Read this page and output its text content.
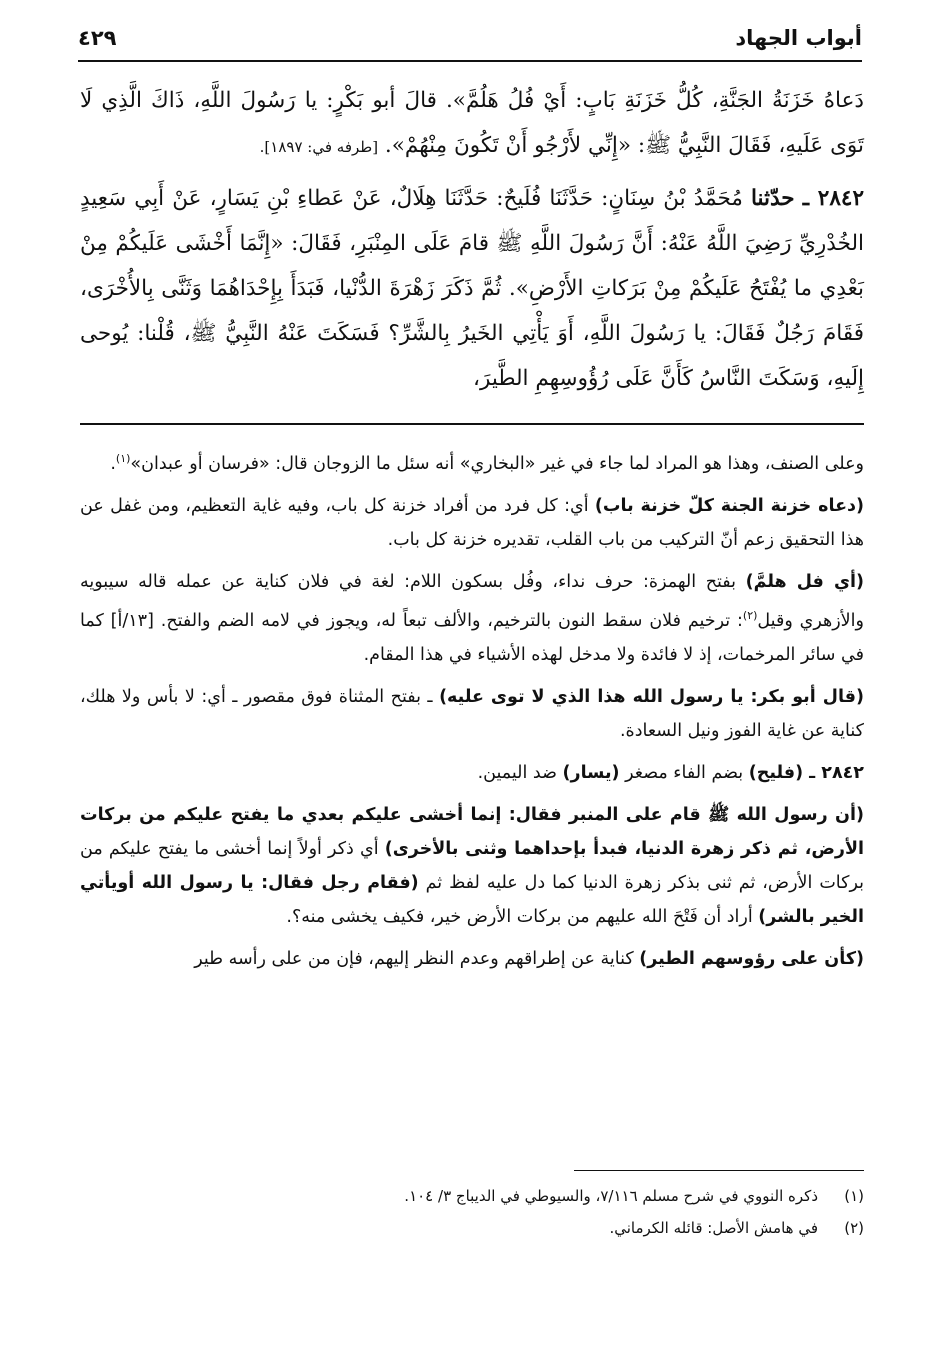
أبواب الجهاد
٤٢٩

دَعاهُ خَزَنَةُ الجَنَّةِ، كُلُّ خَزَنَةِ بَابٍ: أَيْ فُلُ هَلُمَّ». قالَ أبو بَكْرٍ: يا رَسُولَ اللَّهِ، ذَاكَ الَّذِي لَا تَوَى عَلَيهِ، فَقَالَ النَّبِيُّ ﷺ: «إِنِّي لأَرْجُو أَنْ تَكُونَ مِنْهُمْ». [طرفه في: ١٨٩٧].

٢٨٤٢ ـ حدّثنا مُحَمَّدُ بْنُ سِنَانٍ: حَدَّثَنَا فُلَيحٌ: حَدَّثَنَا هِلَالٌ، عَنْ عَطاءِ بْنِ يَسَارٍ، عَنْ أَبِي سَعِيدٍ الخُدْرِيِّ رَضِيَ اللَّهُ عَنْهُ: أَنَّ رَسُولَ اللَّهِ ﷺ قامَ عَلَى المِنْبَرِ، فَقَالَ: «إِنَّمَا أَخْشَى عَلَيكُمْ مِنْ بَعْدِي ما يُفْتَحُ عَلَيكُمْ مِنْ بَرَكاتِ الأَرْضِ». ثُمَّ ذَكَرَ زَهْرَةَ الدُّنْيا، فَبَدَأَ بِإِحْدَاهُمَا وَثَنَّى بِالأُخْرَى، فَقَامَ رَجُلٌ فَقَالَ: يا رَسُولَ اللَّهِ، أَوَ يَأْتِي الخَيرُ بِالشَّرِّ؟ فَسَكَتَ عَنْهُ النَّبِيُّ ﷺ، قُلْنا: يُوحى إِلَيهِ، وَسَكَتَ النَّاسُ كَأَنَّ عَلَى رُؤُوسِهِمِ الطَّيرَ،

وعلى الصنف، وهذا هو المراد لما جاء في غير «البخاري» أنه سئل ما الزوجان قال: «فرسان أو عبدان»$^{(١)}$.

(دعاه خزنة الجنة كلّ خزنة باب) أي: كل فرد من أفراد خزنة كل باب، وفيه غاية التعظيم، ومن غفل عن هذا التحقيق زعم أنّ التركيب من باب القلب، تقديره خزنة كل باب.

(أي فل هلمَّ) بفتح الهمزة: حرف نداء، وفُل بسكون اللام: لغة في فلان كناية عن عمله قاله سيبويه والأزهري وقيل$^{(٢)}$: ترخيم فلان سقط النون بالترخيم، والألف تبعاً له، ويجوز في لامه الضم والفتح. [١٣/أ] كما في سائر المرخمات، إذ لا فائدة ولا مدخل لهذه الأشياء في هذا المقام.

(قال أبو بكر: يا رسول الله هذا الذي لا توى عليه) ـ بفتح المثناة فوق مقصور ـ أي: لا بأس ولا هلك، كناية عن غاية الفوز ونيل السعادة.

٢٨٤٢ ـ (فليح) بضم الفاء مصغر (يسار) ضد اليمين.

(أن رسول الله ﷺ قام على المنبر فقال: إنما أخشى عليكم بعدي ما يفتح عليكم من بركات الأرض، ثم ذكر زهرة الدنيا، فبدأ بإحداهما وثنى بالأخرى) أي ذكر أولاً إنما أخشى ما يفتح عليكم من بركات الأرض، ثم ثنى بذكر زهرة الدنيا كما دل عليه لفظ ثم (فقام رجل فقال: يا رسول الله أويأتي الخير بالشر) أراد أن فَتْحَ الله عليهم من بركات الأرض خير، فكيف يخشى منه؟.

(كأن على رؤوسهم الطير) كناية عن إطراقهم وعدم النظر إليهم، فإن من على رأسه طير

(١)
ذكره النووي في شرح مسلم ٧/١١٦، والسيوطي في الديباج ٣/ ١٠٤.
(٢)
في هامش الأصل: قائله الكرماني.
